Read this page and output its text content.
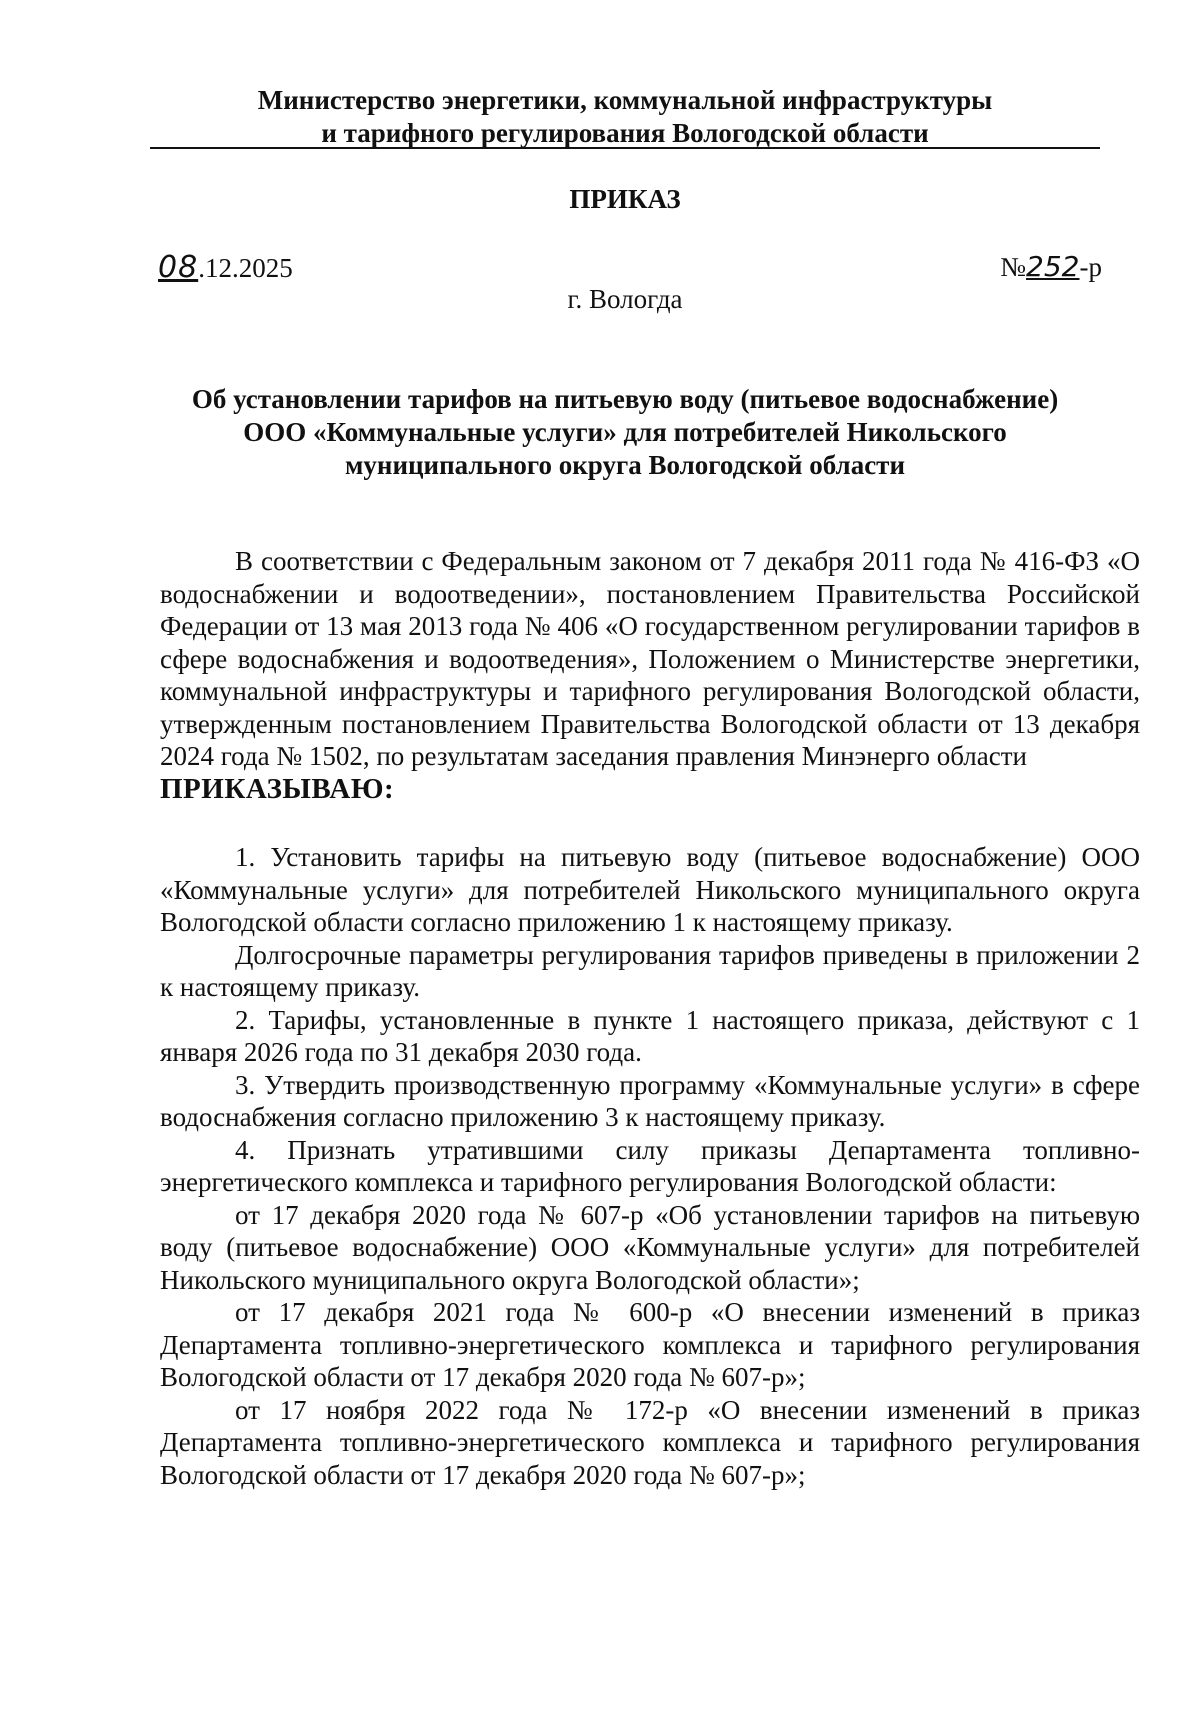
Министерство энергетики, коммунальной инфраструктуры
и тарифного регулирования Вологодской области
ПРИКАЗ
08.12.2025	№252-р
г. Вологда
Об установлении тарифов на питьевую воду (питьевое водоснабжение)
ООО «Коммунальные услуги» для потребителей Никольского
муниципального округа Вологодской области

В соответствии с Федеральным законом от 7 декабря 2011 года № 416-ФЗ «О водоснабжении и водоотведении», постановлением Правительства Российской Федерации от 13 мая 2013 года № 406 «О государственном регулировании тарифов в сфере водоснабжения и водоотведения», Положением о Министерстве энергетики, коммунальной инфраструктуры и тарифного регулирования Вологодской области, утвержденным постановлением Правительства Вологодской области от 13 декабря 2024 года № 1502, по результатам заседания правления Минэнерго области

ПРИКАЗЫВАЮ:

1. Установить тарифы на питьевую воду (питьевое водоснабжение) ООО «Коммунальные услуги» для потребителей Никольского муниципального округа Вологодской области согласно приложению 1 к настоящему приказу.

Долгосрочные параметры регулирования тарифов приведены в приложении 2 к настоящему приказу.

2. Тарифы, установленные в пункте 1 настоящего приказа, действуют с 1 января 2026 года по 31 декабря 2030 года.

3. Утвердить производственную программу «Коммунальные услуги» в сфере водоснабжения согласно приложению 3 к настоящему приказу.

4. Признать утратившими силу приказы Департамента топливно-энергетического комплекса и тарифного регулирования Вологодской области:

от 17 декабря 2020 года № 607-р «Об установлении тарифов на питьевую воду (питьевое водоснабжение) ООО «Коммунальные услуги» для потребителей Никольского муниципального округа Вологодской области»;

от 17 декабря 2021 года № 600-р «О внесении изменений в приказ Департамента топливно-энергетического комплекса и тарифного регулирования Вологодской области от 17 декабря 2020 года № 607-р»;

от 17 ноября 2022 года № 172-р «О внесении изменений в приказ Департамента топливно-энергетического комплекса и тарифного регулирования Вологодской области от 17 декабря 2020 года № 607-р»;
